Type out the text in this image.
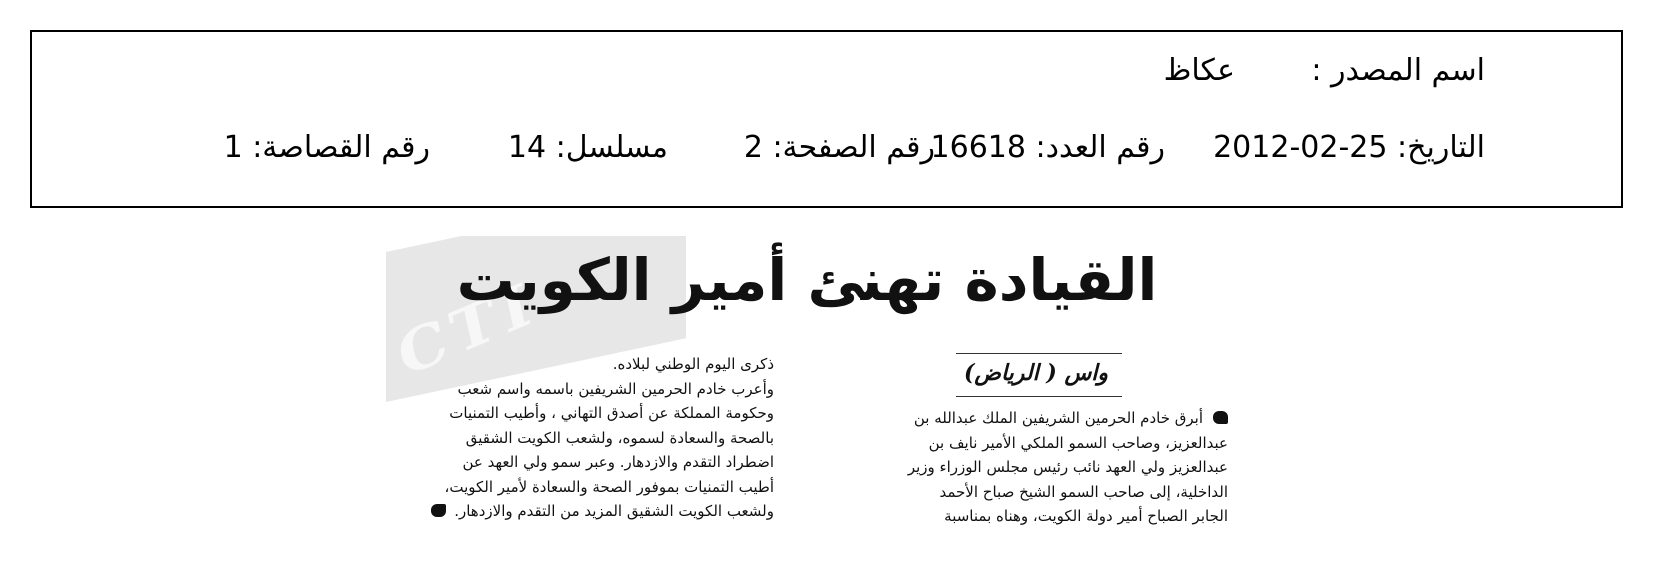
اسم المصدر :
عكاظ
التاريخ: 25-02-2012
رقم العدد: 16618
رقم الصفحة: 2
مسلسل: 14
رقم القصاصة: 1
CTI
القيادة تهنئ أمير الكويت
واس ( الرياض)
أبرق خادم الحرمين الشريفين الملك عبدالله بن
عبدالعزيز، وصاحب السمو الملكي الأمير نايف بن
عبدالعزيز ولي العهد نائب رئيس مجلس الوزراء وزير
الداخلية، إلى صاحب السمو الشيخ صباح الأحمد
الجابر الصباح أمير دولة الكويت، وهناه بمناسبة
ذكرى اليوم الوطني لبلاده.
وأعرب خادم الحرمين الشريفين باسمه واسم شعب
وحكومة المملكة عن أصدق التهاني ، وأطيب التمنيات
بالصحة والسعادة لسموه، ولشعب الكويت الشقيق
اضطراد التقدم والازدهار. وعبر سمو ولي العهد عن
أطيب التمنيات بموفور الصحة والسعادة لأمير الكويت،
ولشعب الكويت الشقيق المزيد من التقدم والازدهار.
